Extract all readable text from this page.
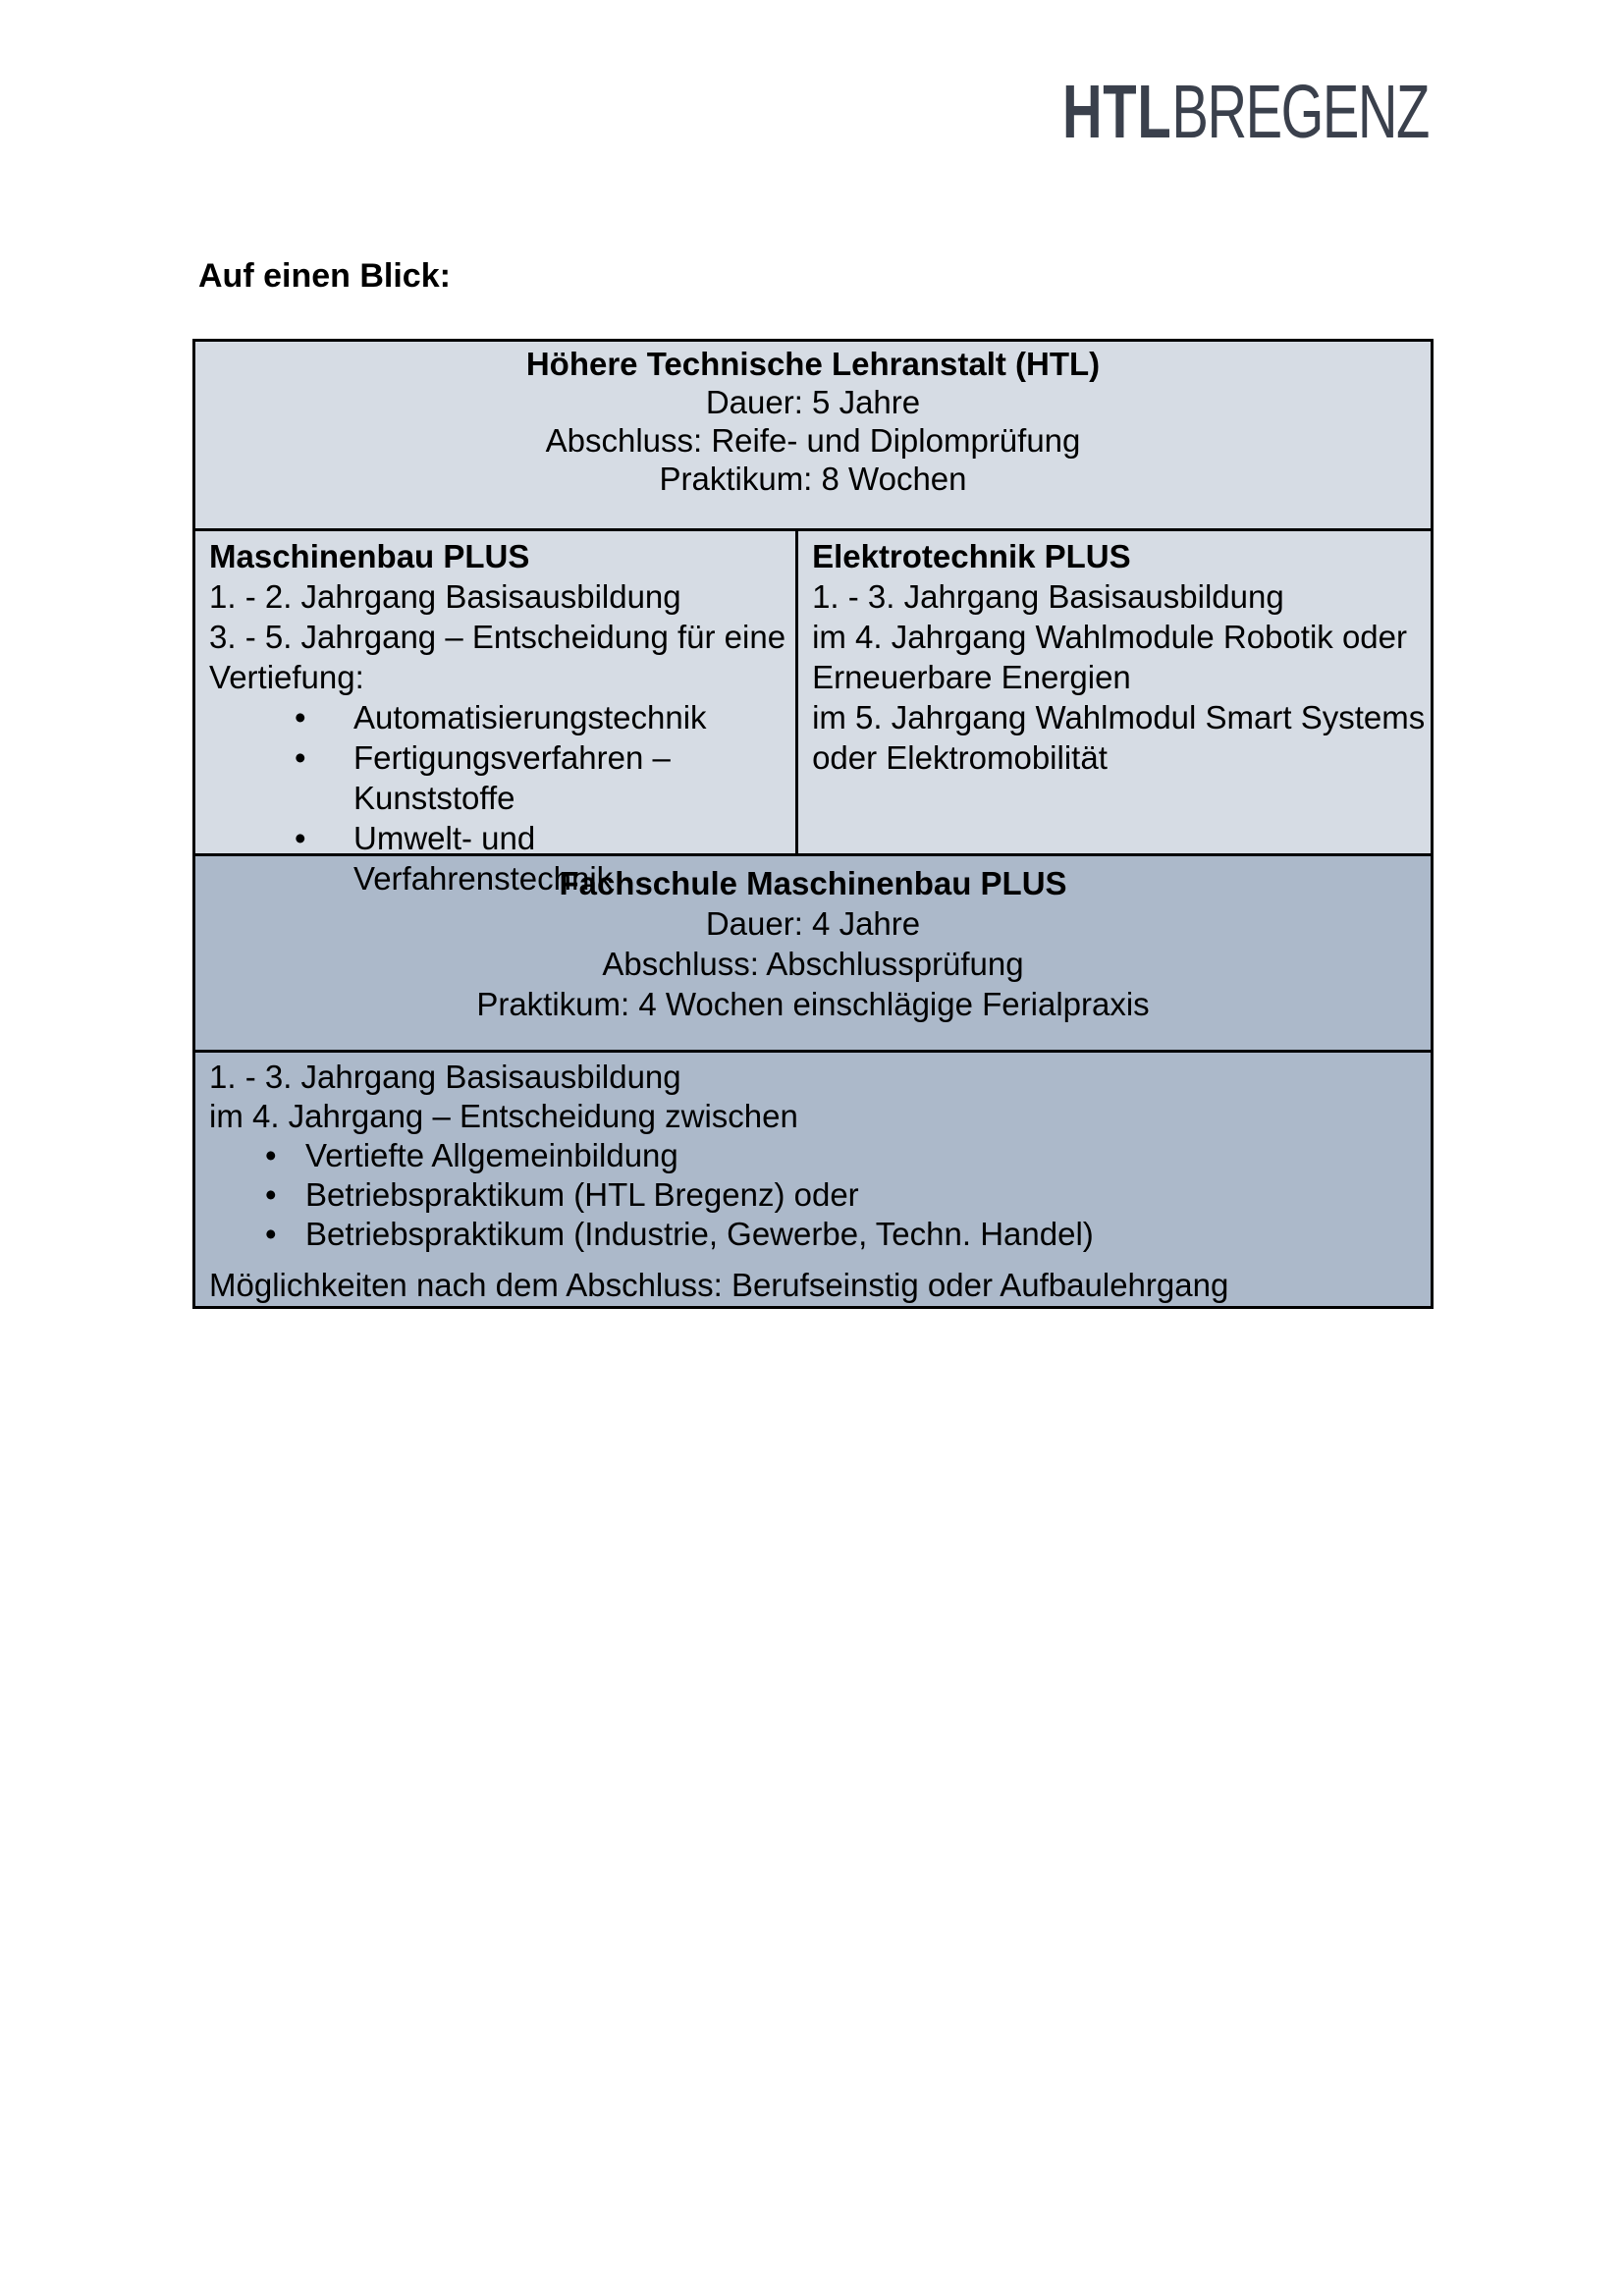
HTLBREGENZ
Auf einen Blick:
Höhere Technische Lehranstalt (HTL)
Dauer: 5 Jahre
Abschluss: Reife- und Diplomprüfung
Praktikum: 8 Wochen
Maschinenbau PLUS
1. - 2. Jahrgang Basisausbildung
3. - 5. Jahrgang – Entscheidung für eine
Vertiefung:
• Automatisierungstechnik
• Fertigungsverfahren – Kunststoffe
• Umwelt- und Verfahrenstechnik
Elektrotechnik PLUS
1. - 3. Jahrgang Basisausbildung
im 4. Jahrgang Wahlmodule Robotik oder
Erneuerbare Energien
im 5. Jahrgang Wahlmodul Smart Systems
oder Elektromobilität
Fachschule Maschinenbau PLUS
Dauer: 4 Jahre
Abschluss: Abschlussprüfung
Praktikum: 4 Wochen einschlägige Ferialpraxis
1. - 3. Jahrgang Basisausbildung
im 4. Jahrgang – Entscheidung zwischen
• Vertiefte Allgemeinbildung
• Betriebspraktikum (HTL Bregenz) oder
• Betriebspraktikum (Industrie, Gewerbe, Techn. Handel)
Möglichkeiten nach dem Abschluss: Berufseinstig oder Aufbaulehrgang
